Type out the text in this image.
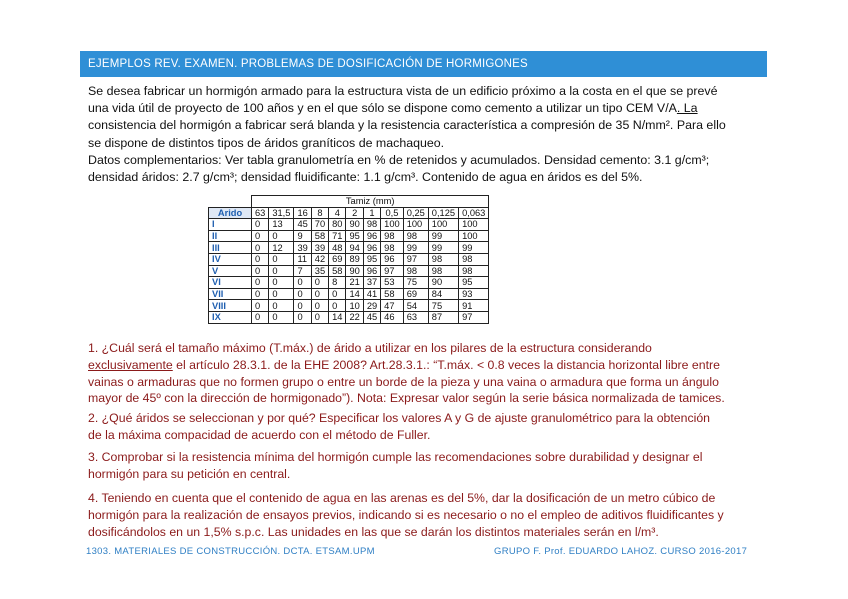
EJEMPLOS REV. EXAMEN. PROBLEMAS DE DOSIFICACIÓN DE HORMIGONES

Se desea fabricar un hormigón armado para la estructura vista de un edificio próximo a la costa en el que se prevé

una vida útil de proyecto de 100 años y en el que sólo se dispone como cemento a utilizar un tipo CEM V/A. La

consistencia del hormigón a fabricar será blanda y la resistencia característica a compresión de 35 N/mm². Para ello

se dispone de distintos tipos de áridos graníticos de machaqueo.

Datos complementarios: Ver tabla granulometría en % de retenidos y acumulados. Densidad cemento: 3.1 g/cm³;

densidad áridos: 2.7 g/cm³; densidad fluidificante: 1.1 g/cm³. Contenido de agua en áridos es del 5%.

	Tamiz (mm)										
Arido	63	31,5	16	8	4	2	1	0,5	0,25	0,125	0,063
I	0	13	45	70	80	90	98	100	100	100	100
II	0	0	9	58	71	95	96	98	98	99	100
III	0	12	39	39	48	94	96	98	99	99	99
IV	0	0	11	42	69	89	95	96	97	98	98
V	0	0	7	35	58	90	96	97	98	98	98
VI	0	0	0	0	8	21	37	53	75	90	95
VII	0	0	0	0	0	14	41	58	69	84	93
VIII	0	0	0	0	0	10	29	47	54	75	91
IX	0	0	0	0	14	22	45	46	63	87	97

1. ¿Cuál será el tamaño máximo (T.máx.) de árido a utilizar en los pilares de la estructura considerando

exclusivamente el artículo 28.3.1. de la EHE 2008? Art.28.3.1.: “T.máx. < 0.8 veces la distancia horizontal libre entre

vainas o armaduras que no formen grupo o entre un borde de la pieza y una vaina o armadura que forma un ángulo

mayor de 45º con la dirección de hormigonado”). Nota: Expresar valor según la serie básica normalizada de tamices.

2. ¿Qué áridos se seleccionan y por qué? Especificar los valores A y G de ajuste granulométrico para la obtención

de la máxima compacidad de acuerdo con el método de Fuller.

3. Comprobar si la resistencia mínima del hormigón cumple las recomendaciones sobre durabilidad y designar el

hormigón para su petición en central.

4. Teniendo en cuenta que el contenido de agua en las arenas es del 5%, dar la dosificación de un metro cúbico de

hormigón para la realización de ensayos previos, indicando si es necesario o no el empleo de aditivos fluidificantes y

dosificándolos en un 1,5% s.p.c. Las unidades en las que se darán los distintos materiales serán en l/m³.

1303. MATERIALES DE CONSTRUCCIÓN. DCTA. ETSAM.UPM	GRUPO F. Prof. EDUARDO LAHOZ. CURSO 2016-2017
